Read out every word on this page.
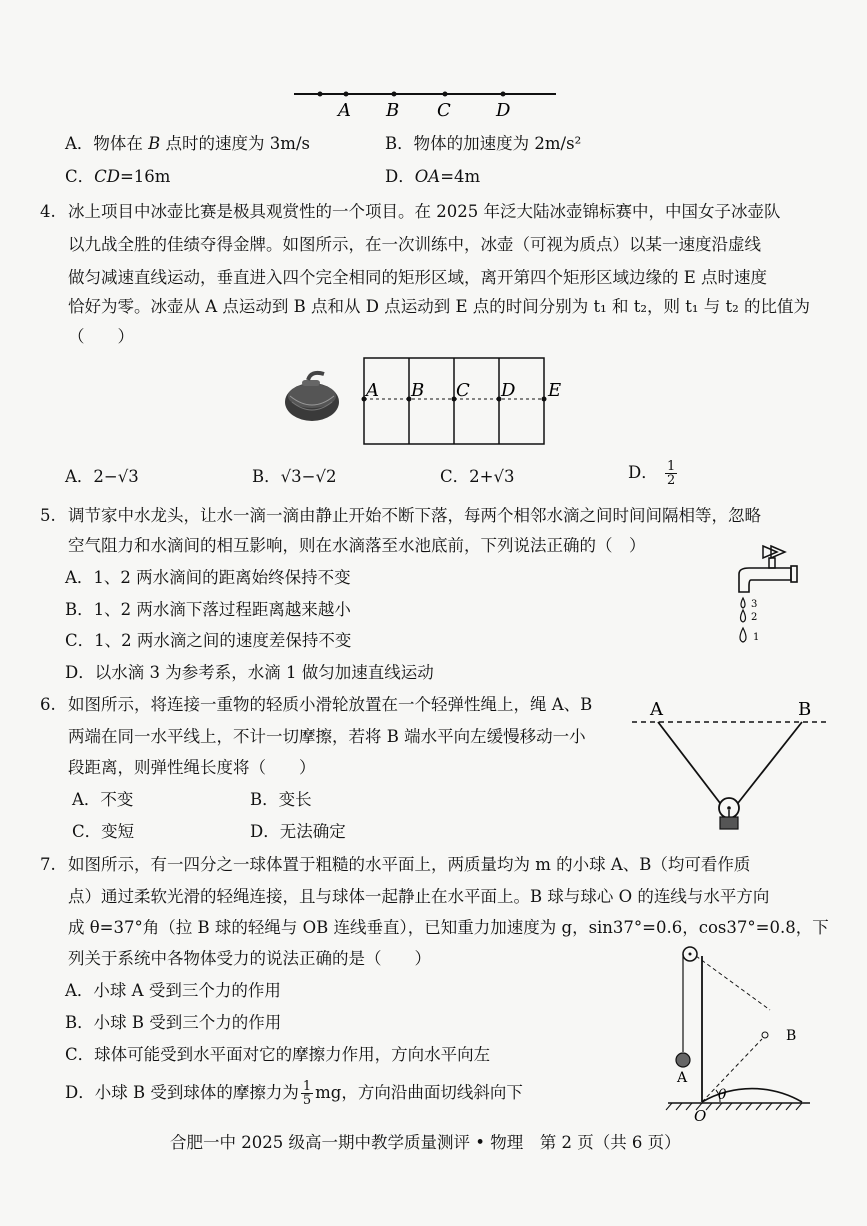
A B C	D
A．物体在 B 点时的速度为 3m/s	B．物体的加速度为 2m/s²
C．CD=16m	D．OA=4m
4. 冰上项目中冰壶比赛是极具观赏性的一个项目。在 2025 年泛大陆冰壶锦标赛中，中国女子冰壶队
以九战全胜的佳绩夺得金牌。如图所示，在一次训练中，冰壶（可视为质点）以某一速度沿虚线
做匀减速直线运动，垂直进入四个完全相同的矩形区域，离开第四个矩形区域边缘的 E 点时速度
恰好为零。冰壶从 A 点运动到 B 点和从 D 点运动到 E 点的时间分别为 t₁ 和 t₂，则 t₁ 与 t₂ 的比值为
（　　）
A B C D E
A．2−√3	B．√3−√2	C．2+√3	D． $\frac{1}{2}$
5. 调节家中水龙头，让水一滴一滴由静止开始不断下落，每两个相邻水滴之间时间间隔相等，忽略
空气阻力和水滴间的相互影响，则在水滴落至水池底前，下列说法正确的（　）
A．1、2 两水滴间的距离始终保持不变
B．1、2 两水滴下落过程距离越来越小
C．1、2 两水滴之间的速度差保持不变
D．以水滴 3 为参考系，水滴 1 做匀加速直线运动
3
2
1
6. 如图所示，将连接一重物的轻质小滑轮放置在一个轻弹性绳上，绳 A、B
两端在同一水平线上，不计一切摩擦，若将 B 端水平向左缓慢移动一小
段距离，则弹性绳长度将（　　）
A．不变	B．变长
C．变短	D．无法确定
A	B
7. 如图所示，有一四分之一球体置于粗糙的水平面上，两质量均为 m 的小球 A、B（均可看作质
点）通过柔软光滑的轻绳连接，且与球体一起静止在水平面上。B 球与球心 O 的连线与水平方向
成 θ=37°角（拉 B 球的轻绳与 OB 连线垂直），已知重力加速度为 g，sin37°=0.6，cos37°=0.8，下
列关于系统中各物体受力的说法正确的是（　　）
A．小球 A 受到三个力的作用
B．小球 B 受到三个力的作用
C．球体可能受到水平面对它的摩擦力作用，方向水平向左
D．小球 B 受到球体的摩擦力为 $\frac{1}{5}$ mg，方向沿曲面切线斜向下
A
B
θ
O
合肥一中 2025 级高一期中教学质量测评 • 物理　第 2 页（共 6 页）
